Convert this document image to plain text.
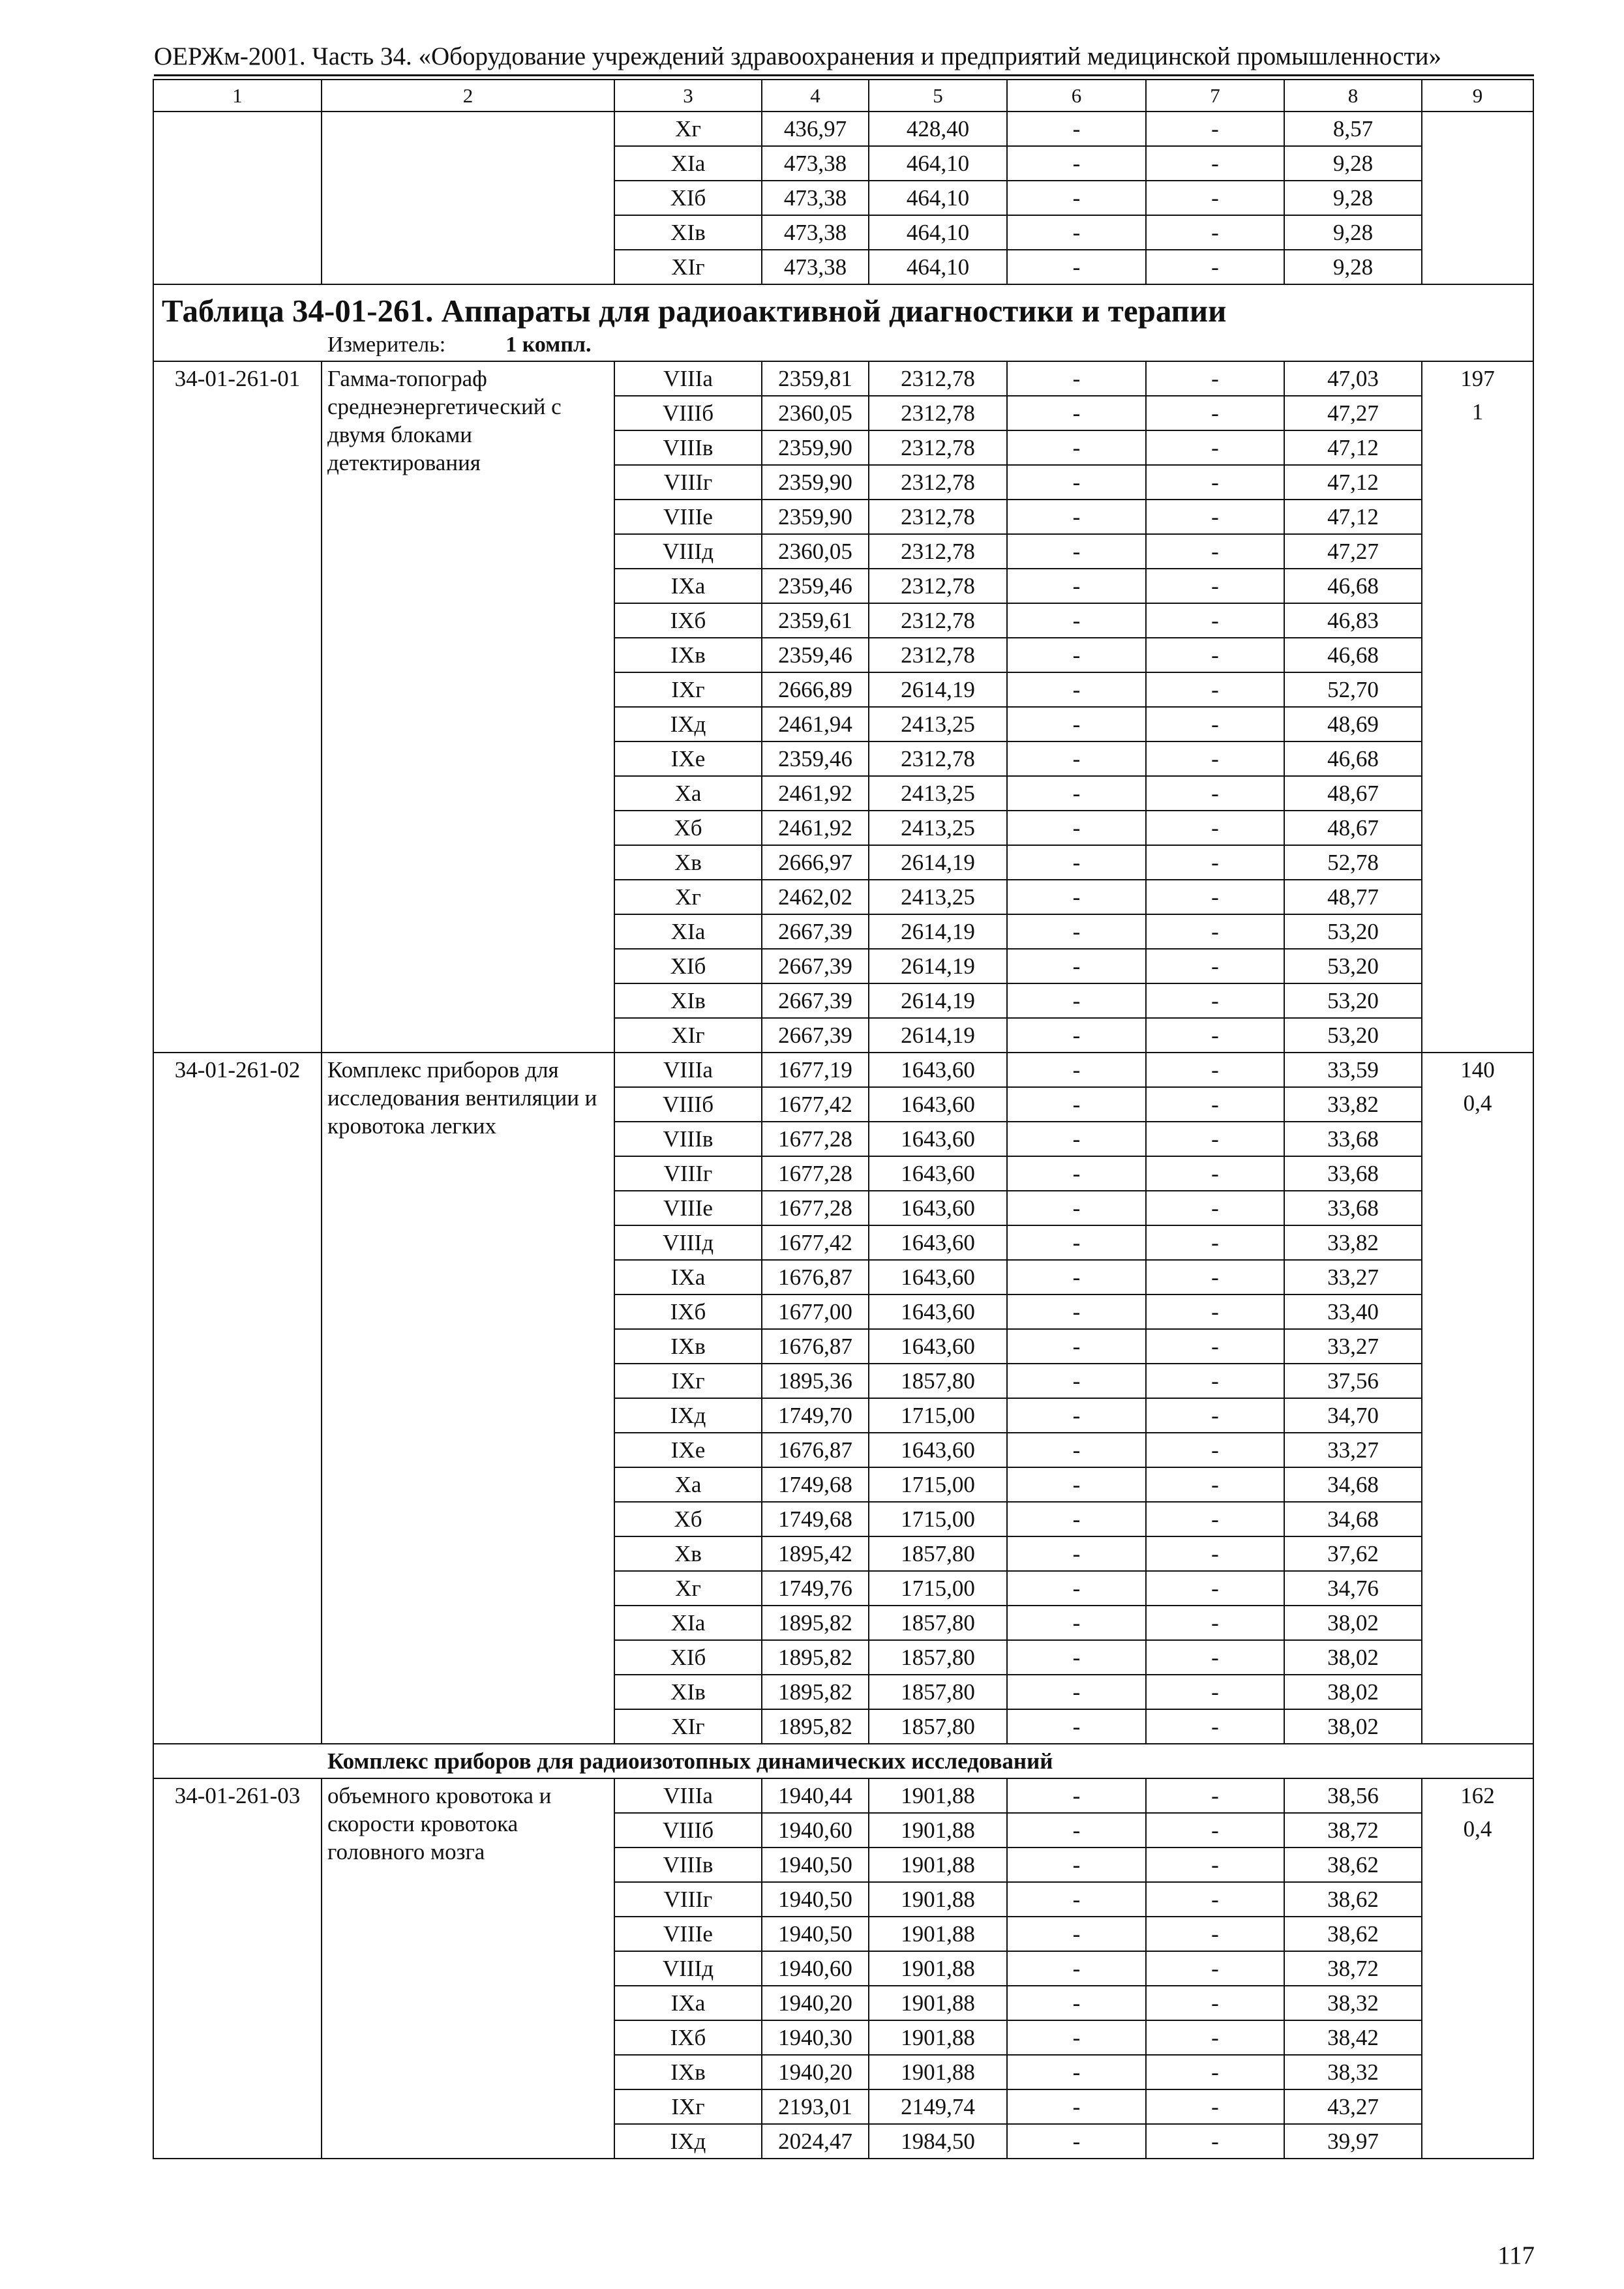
ОЕРЖм-2001. Часть 34. «Оборудование учреждений здравоохранения и предприятий медицинской промышленности»
1	2	3	4	5	6	7	8	9
		Xг	436,97	428,40	-	-	8,57	
		XIа	473,38	464,10	-	-	9,28	
		XIб	473,38	464,10	-	-	9,28	
		XIв	473,38	464,10	-	-	9,28	
		XIг	473,38	464,10	-	-	9,28	

Таблица 34-01-261. Аппараты для радиоактивной диагностики и терапии
Измеритель: 1 компл.								

34-01-261-01	Гамма-топограф среднеэнергетический с двумя блоками детектирования	VIIIа	2359,81	2312,78	-	-	47,03	197
1

		VIIIб	2360,05	2312,78	-	-	47,27	
		VIIIв	2359,90	2312,78	-	-	47,12	
		VIIIг	2359,90	2312,78	-	-	47,12	
		VIIIе	2359,90	2312,78	-	-	47,12	
		VIIIд	2360,05	2312,78	-	-	47,27	
		IXа	2359,46	2312,78	-	-	46,68	
		IXб	2359,61	2312,78	-	-	46,83	
		IXв	2359,46	2312,78	-	-	46,68	
		IXг	2666,89	2614,19	-	-	52,70	
		IXд	2461,94	2413,25	-	-	48,69	
		IXе	2359,46	2312,78	-	-	46,68	
		Xа	2461,92	2413,25	-	-	48,67	
		Xб	2461,92	2413,25	-	-	48,67	
		Xв	2666,97	2614,19	-	-	52,78	
		Xг	2462,02	2413,25	-	-	48,77	
		XIа	2667,39	2614,19	-	-	53,20	
		XIб	2667,39	2614,19	-	-	53,20	
		XIв	2667,39	2614,19	-	-	53,20	
		XIг	2667,39	2614,19	-	-	53,20	
34-01-261-02	Комплекс приборов для исследования вентиляции и кровотока легких	VIIIа	1677,19	1643,60	-	-	33,59	140
0,4

		VIIIб	1677,42	1643,60	-	-	33,82	
		VIIIв	1677,28	1643,60	-	-	33,68	
		VIIIг	1677,28	1643,60	-	-	33,68	
		VIIIе	1677,28	1643,60	-	-	33,68	
		VIIIд	1677,42	1643,60	-	-	33,82	
		IXа	1676,87	1643,60	-	-	33,27	
		IXб	1677,00	1643,60	-	-	33,40	
		IXв	1676,87	1643,60	-	-	33,27	
		IXг	1895,36	1857,80	-	-	37,56	
		IXд	1749,70	1715,00	-	-	34,70	
		IXе	1676,87	1643,60	-	-	33,27	
		Xа	1749,68	1715,00	-	-	34,68	
		Xб	1749,68	1715,00	-	-	34,68	
		Xв	1895,42	1857,80	-	-	37,62	
		Xг	1749,76	1715,00	-	-	34,76	
		XIа	1895,82	1857,80	-	-	38,02	
		XIб	1895,82	1857,80	-	-	38,02	
		XIв	1895,82	1857,80	-	-	38,02	
		XIг	1895,82	1857,80	-	-	38,02	
Комплекс приборов для радиоизотопных динамических исследований								
34-01-261-03	объемного кровотока и скорости кровотока головного мозга	VIIIа	1940,44	1901,88	-	-	38,56	162
0,4

		VIIIб	1940,60	1901,88	-	-	38,72	
		VIIIв	1940,50	1901,88	-	-	38,62	
		VIIIг	1940,50	1901,88	-	-	38,62	
		VIIIе	1940,50	1901,88	-	-	38,62	
		VIIIд	1940,60	1901,88	-	-	38,72	
		IXа	1940,20	1901,88	-	-	38,32	
		IXб	1940,30	1901,88	-	-	38,42	
		IXв	1940,20	1901,88	-	-	38,32	
		IXг	2193,01	2149,74	-	-	43,27	
		IXд	2024,47	1984,50	-	-	39,97	
117
